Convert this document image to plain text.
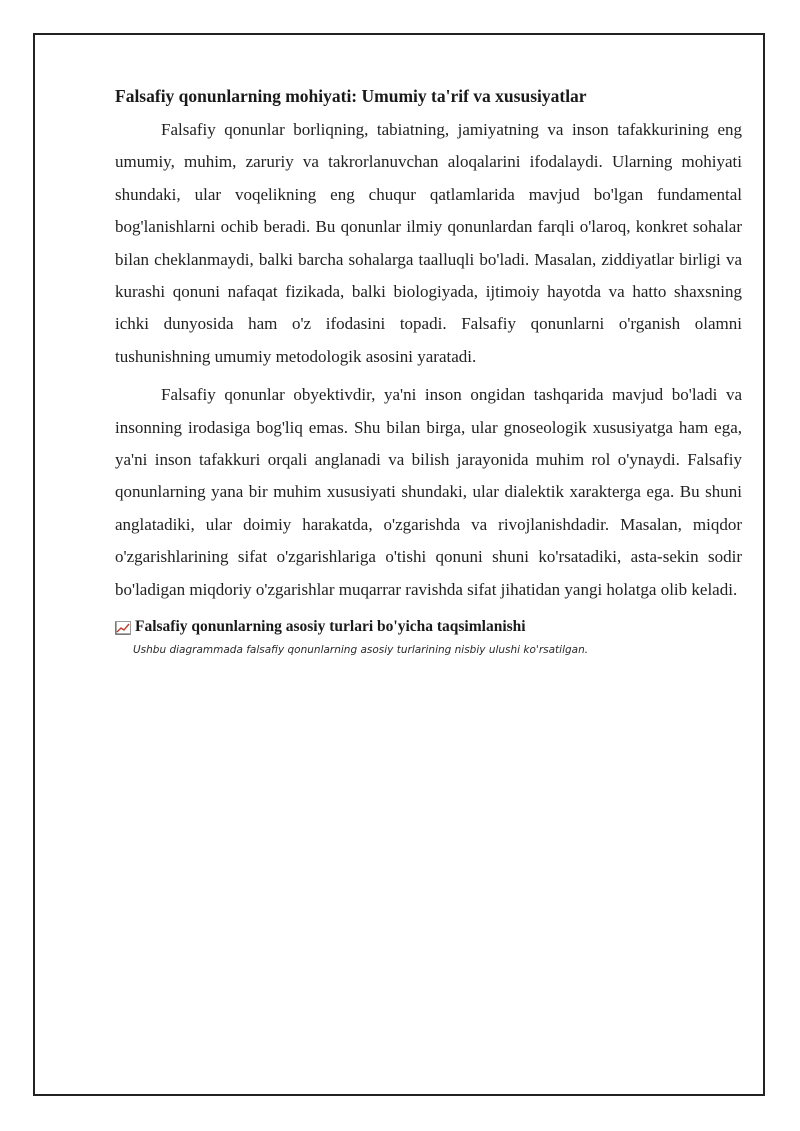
Falsafiy qonunlarning mohiyati: Umumiy ta'rif va xususiyatlar

Falsafiy qonunlar borliqning, tabiatning, jamiyatning va inson tafakkurining eng umumiy, muhim, zaruriy va takrorlanuvchan aloqalarini ifodalaydi. Ularning mohiyati shundaki, ular voqelikning eng chuqur qatlamlarida mavjud bo'lgan fundamental bog'lanishlarni ochib beradi. Bu qonunlar ilmiy qonunlardan farqli o'laroq, konkret sohalar bilan cheklanmaydi, balki barcha sohalarga taalluqli bo'ladi. Masalan, ziddiyatlar birligi va kurashi qonuni nafaqat fizikada, balki biologiyada, ijtimoiy hayotda va hatto shaxsning ichki dunyosida ham o'z ifodasini topadi. Falsafiy qonunlarni o'rganish olamni tushunishning umumiy metodologik asosini yaratadi.

Falsafiy qonunlar obyektivdir, ya'ni inson ongidan tashqarida mavjud bo'ladi va insonning irodasiga bog'liq emas. Shu bilan birga, ular gnoseologik xususiyatga ham ega, ya'ni inson tafakkuri orqali anglanadi va bilish jarayonida muhim rol o'ynaydi. Falsafiy qonunlarning yana bir muhim xususiyati shundaki, ular dialektik xarakterga ega. Bu shuni anglatadiki, ular doimiy harakatda, o'zgarishda va rivojlanishdadir. Masalan, miqdor o'zgarishlarining sifat o'zgarishlariga o'tishi qonuni shuni ko'rsatadiki, asta-sekin sodir bo'ladigan miqdoriy o'zgarishlar muqarrar ravishda sifat jihatidan yangi holatga olib keladi.

Falsafiy qonunlarning asosiy turlari bo'yicha taqsimlanishi
Ushbu diagrammada falsafiy qonunlarning asosiy turlarining nisbiy ulushi ko'rsatilgan.
